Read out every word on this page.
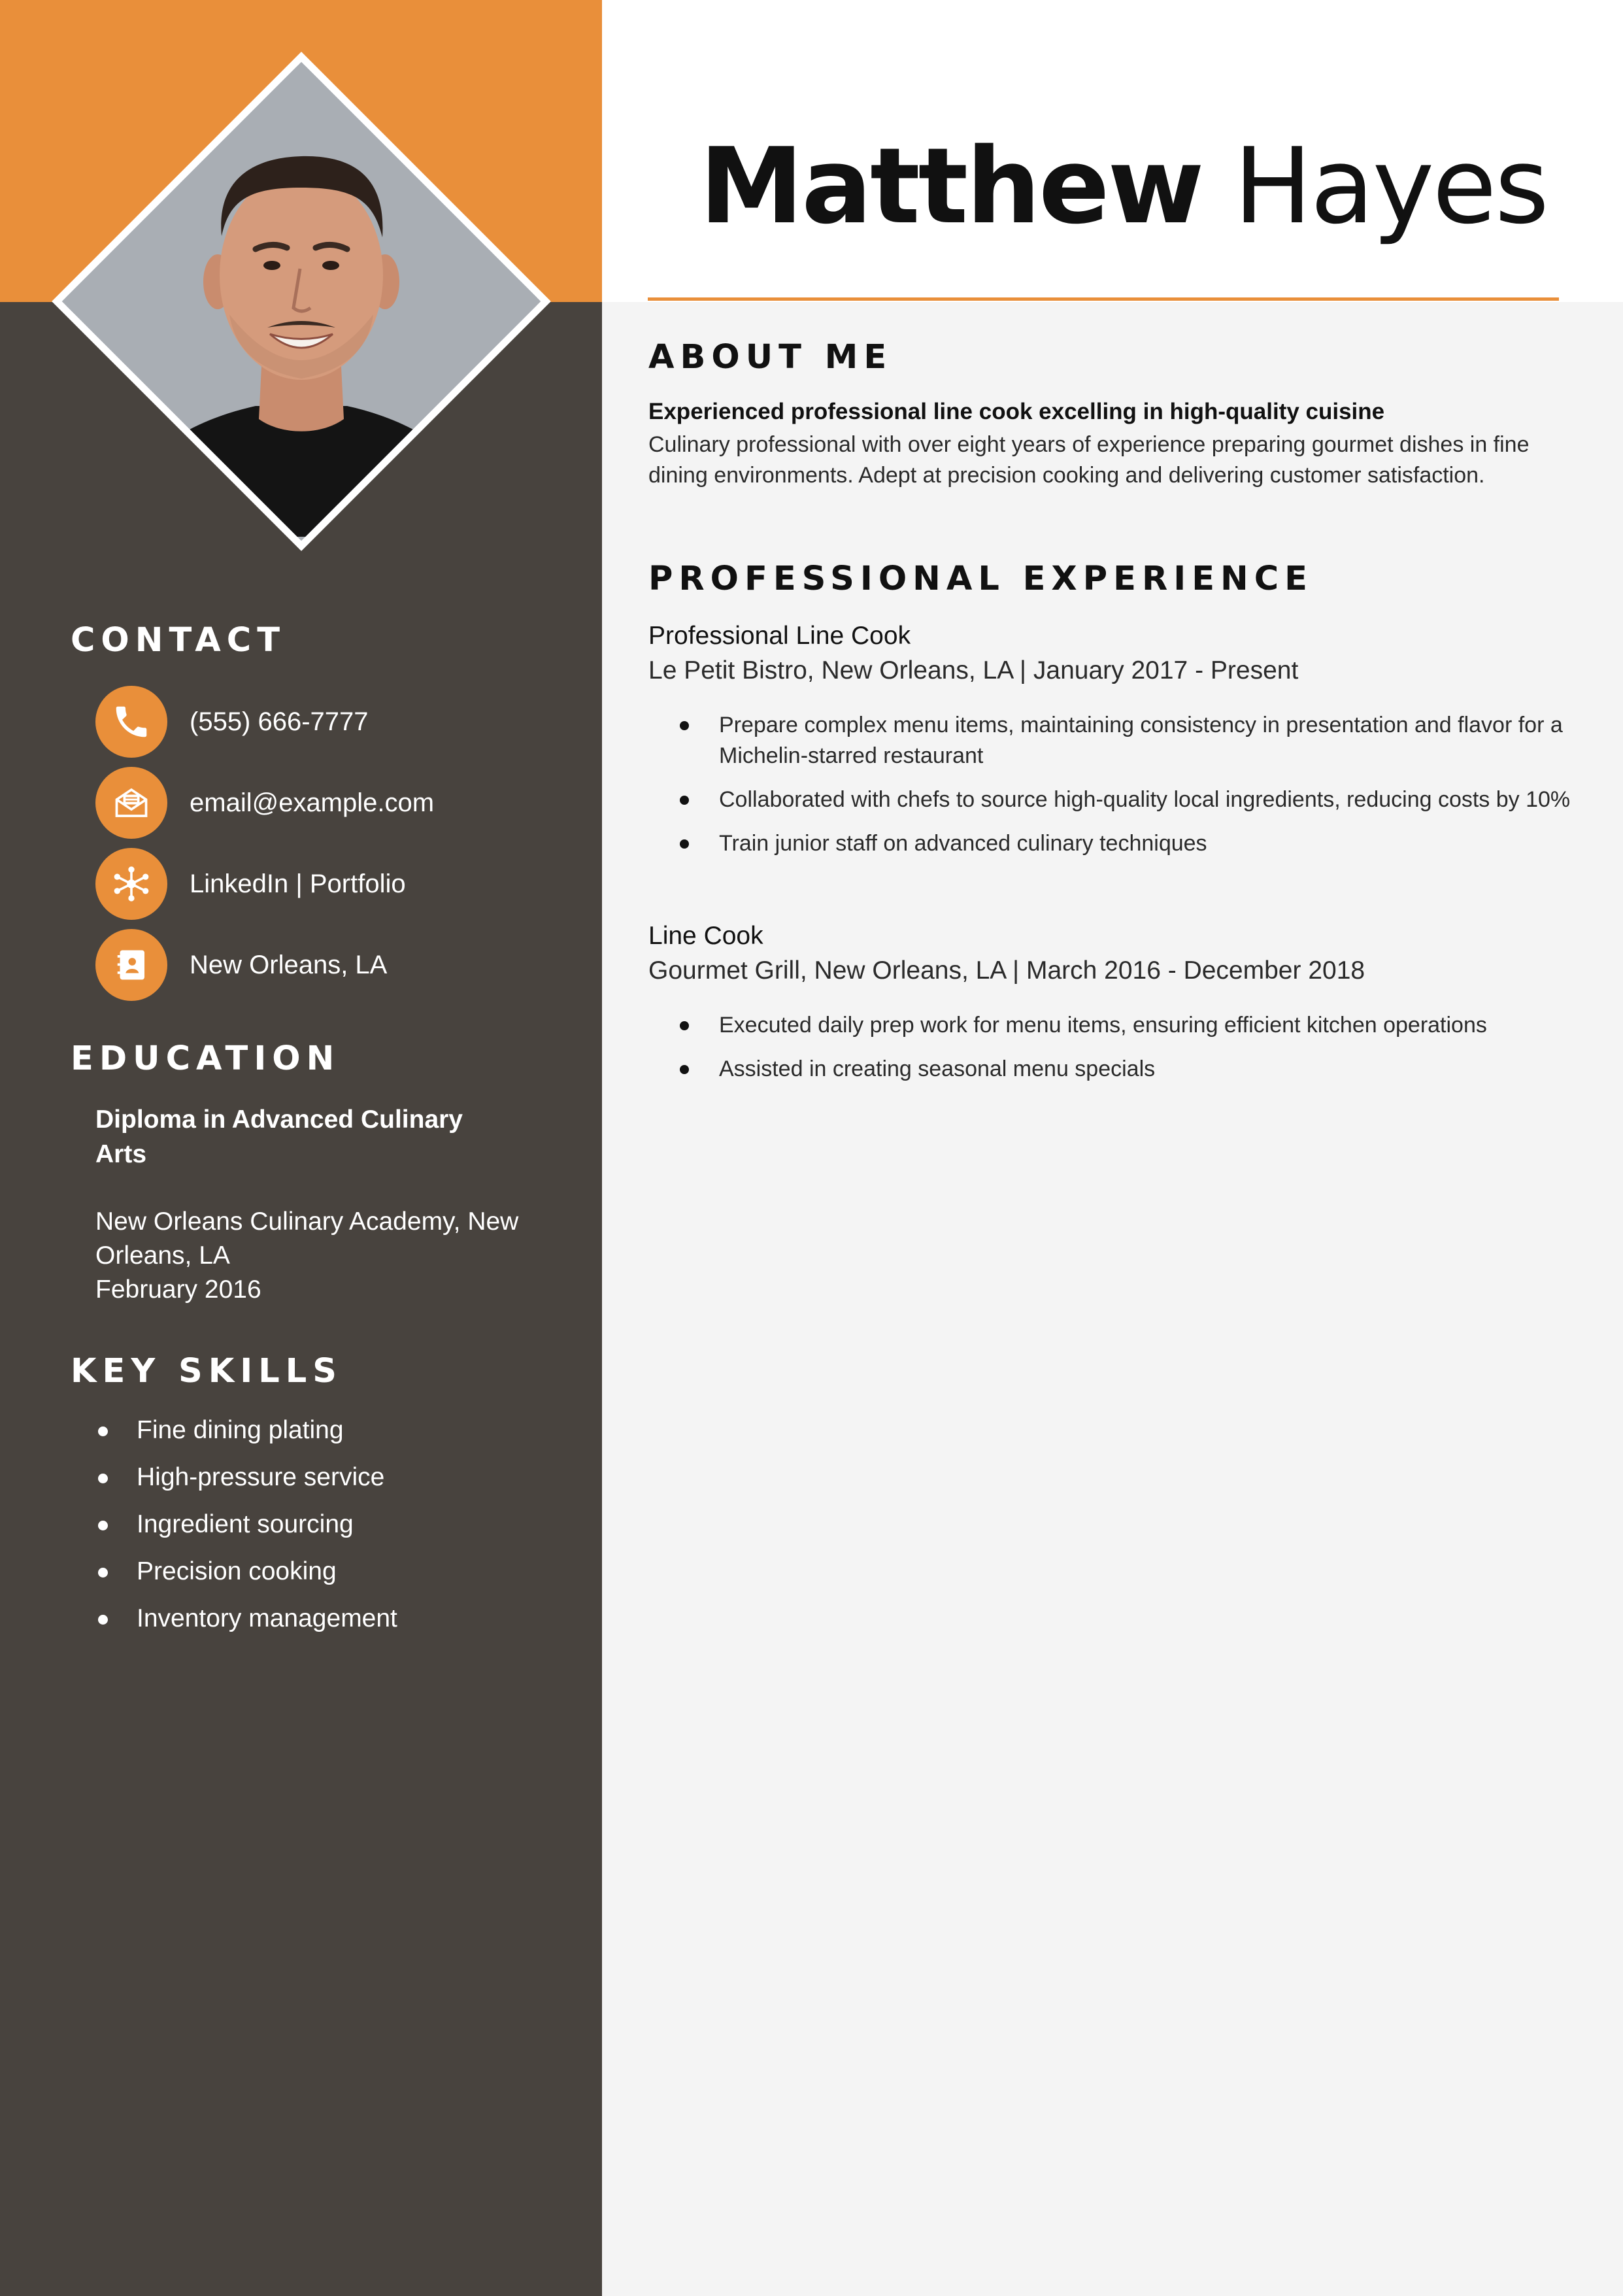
Matthew Hayes
CONTACT
(555) 666-7777
email@example.com
LinkedIn | Portfolio
New Orleans, LA
EDUCATION
Diploma in Advanced Culinary Arts
New Orleans Culinary Academy, New Orleans, LA
February 2016
KEY SKILLS
Fine dining plating
High-pressure service
Ingredient sourcing
Precision cooking
Inventory management
ABOUT ME
Experienced professional line cook excelling in high-quality cuisine
Culinary professional with over eight years of experience preparing gourmet dishes in fine dining environments. Adept at precision cooking and delivering customer satisfaction.
PROFESSIONAL EXPERIENCE
Professional Line Cook
Le Petit Bistro, New Orleans, LA | January 2017 - Present
Prepare complex menu items, maintaining consistency in presentation and flavor for a Michelin-starred restaurant
Collaborated with chefs to source high-quality local ingredients, reducing costs by 10%
Train junior staff on advanced culinary techniques
Line Cook
Gourmet Grill, New Orleans, LA | March 2016 - December 2018
Executed daily prep work for menu items, ensuring efficient kitchen operations
Assisted in creating seasonal menu specials
